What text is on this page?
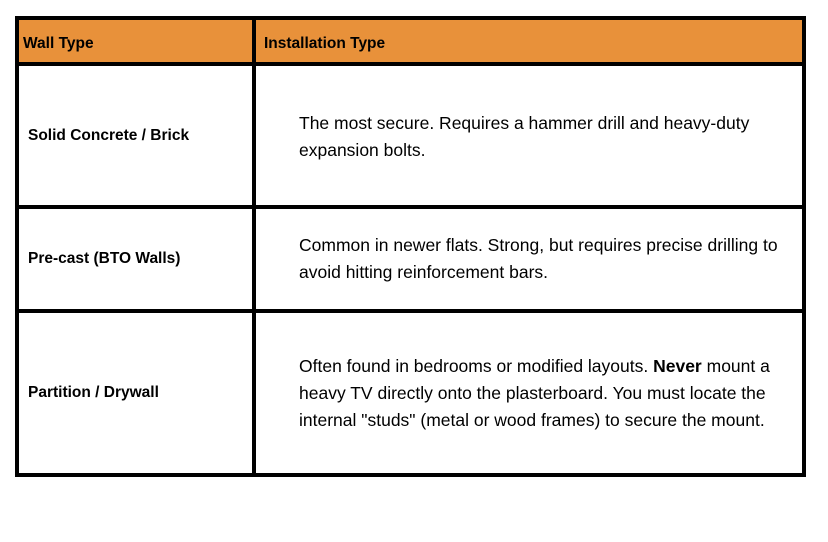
Wall Type	Installation Type
Solid Concrete / Brick	The most secure. Requires a hammer drill and heavy-duty expansion bolts.
Pre-cast (BTO Walls)	Common in newer flats. Strong, but requires precise drilling to avoid hitting reinforcement bars.
Partition / Drywall	Often found in bedrooms or modified layouts. Never mount a heavy TV directly onto the plasterboard. You must locate the internal "studs" (metal or wood frames) to secure the mount.
